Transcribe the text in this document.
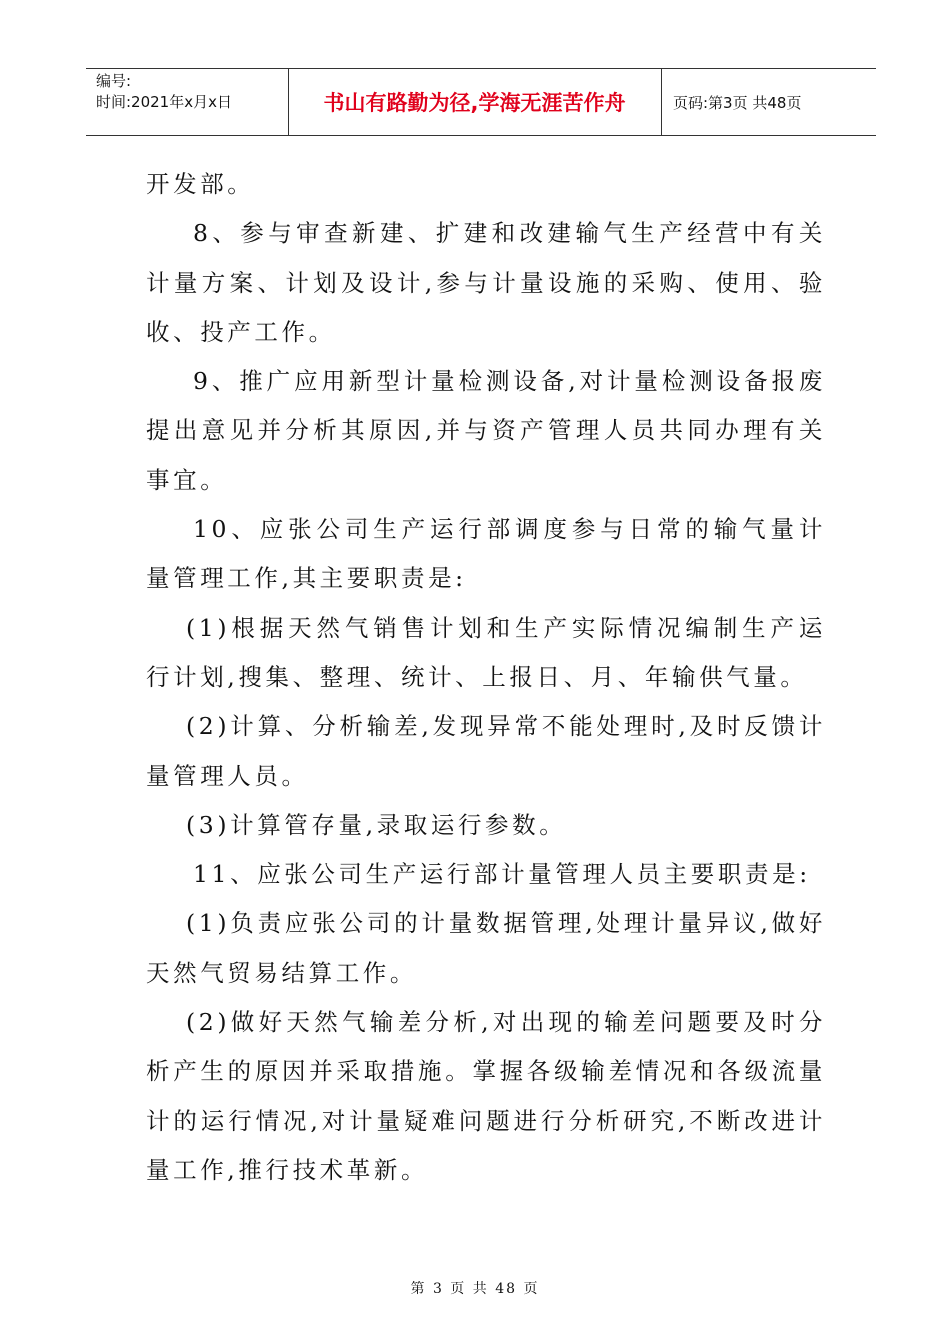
编号:
时间:2021年x月x日	书山有路勤为径,学海无涯苦作舟	页码:第3页 共48页

开发部。

8、参与审查新建、扩建和改建输气生产经营中有关计量方案、计划及设计,参与计量设施的采购、使用、验收、投产工作。

9、推广应用新型计量检测设备,对计量检测设备报废提出意见并分析其原因,并与资产管理人员共同办理有关事宜。

10、应张公司生产运行部调度参与日常的输气量计量管理工作,其主要职责是:

(1)根据天然气销售计划和生产实际情况编制生产运行计划,搜集、整理、统计、上报日、月、年输供气量。

(2)计算、分析输差,发现异常不能处理时,及时反馈计量管理人员。

(3)计算管存量,录取运行参数。

11、应张公司生产运行部计量管理人员主要职责是:

(1)负责应张公司的计量数据管理,处理计量异议,做好天然气贸易结算工作。

(2)做好天然气输差分析,对出现的输差问题要及时分析产生的原因并采取措施。掌握各级输差情况和各级流量计的运行情况,对计量疑难问题进行分析研究,不断改进计量工作,推行技术革新。

第 3 页 共 48 页
